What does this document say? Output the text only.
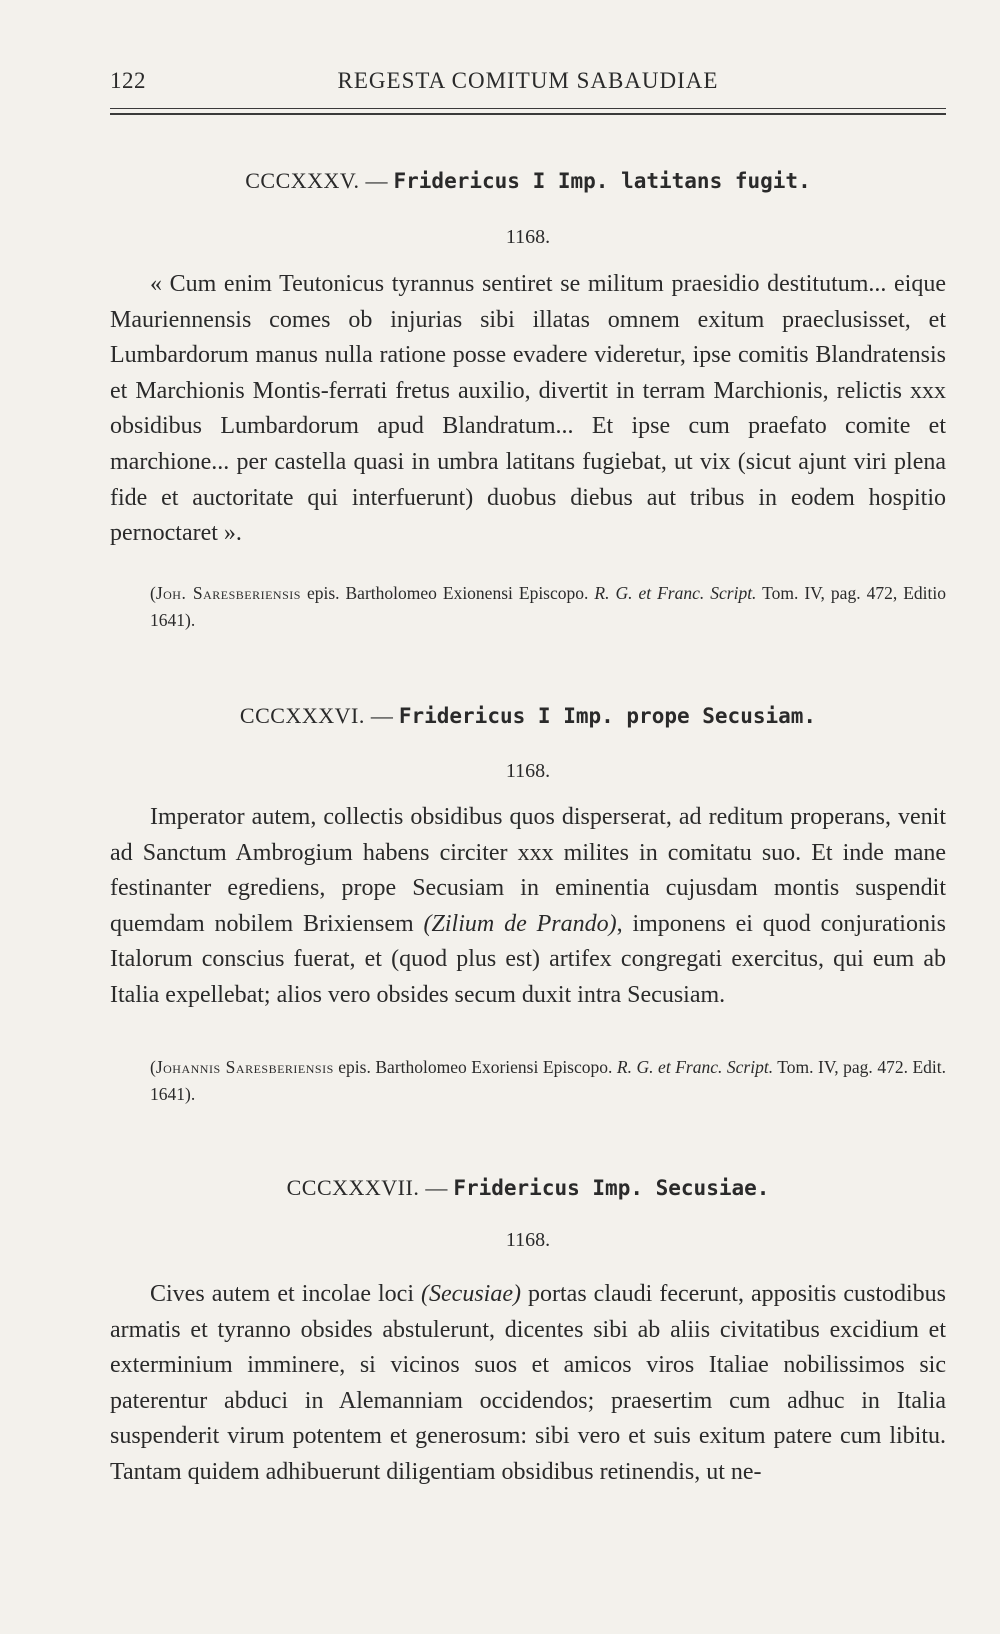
122	REGESTA COMITUM SABAUDIAE
CCCXXXV. — Fridericus I Imp. latitans fugit.
1168.

« Cum enim Teutonicus tyrannus sentiret se militum praesidio destitutum... eique Mauriennensis comes ob injurias sibi illatas omnem exitum praeclusisset, et Lumbardorum manus nulla ratione posse evadere videretur, ipse comitis Blandratensis et Marchionis Montis-ferrati fretus auxilio, divertit in terram Marchionis, relictis xxx obsidibus Lumbardorum apud Blandratum... Et ipse cum praefato comite et marchione... per castella quasi in umbra latitans fugiebat, ut vix (sicut ajunt viri plena fide et auctoritate qui interfuerunt) duobus diebus aut tribus in eodem hospitio pernoctaret ».

(Joh. Saresberiensis epis. Bartholomeo Exionensi Episcopo. R. G. et Franc. Script. Tom. IV, pag. 472, Editio 1641).

CCCXXXVI. — Fridericus I Imp. prope Secusiam.
1168.

Imperator autem, collectis obsidibus quos disperserat, ad reditum properans, venit ad Sanctum Ambrogium habens circiter xxx milites in comitatu suo. Et inde mane festinanter egrediens, prope Secusiam in eminentia cujusdam montis suspendit quemdam nobilem Brixiensem (Zilium de Prando), imponens ei quod conjurationis Italorum conscius fuerat, et (quod plus est) artifex congregati exercitus, qui eum ab Italia expellebat; alios vero obsides secum duxit intra Secusiam.

(Johannis Saresberiensis epis. Bartholomeo Exoriensi Episcopo. R. G. et Franc. Script. Tom. IV, pag. 472. Edit. 1641).

CCCXXXVII. — Fridericus Imp. Secusiae.
1168.

Cives autem et incolae loci (Secusiae) portas claudi fecerunt, appositis custodibus armatis et tyranno obsides abstulerunt, dicentes sibi ab aliis civitatibus excidium et exterminium imminere, si vicinos suos et amicos viros Italiae nobilissimos sic paterentur abduci in Alemanniam occidendos; praesertim cum adhuc in Italia suspenderit virum potentem et generosum: sibi vero et suis exitum patere cum libitu. Tantam quidem adhibuerunt diligentiam obsidibus retinendis, ut ne-
